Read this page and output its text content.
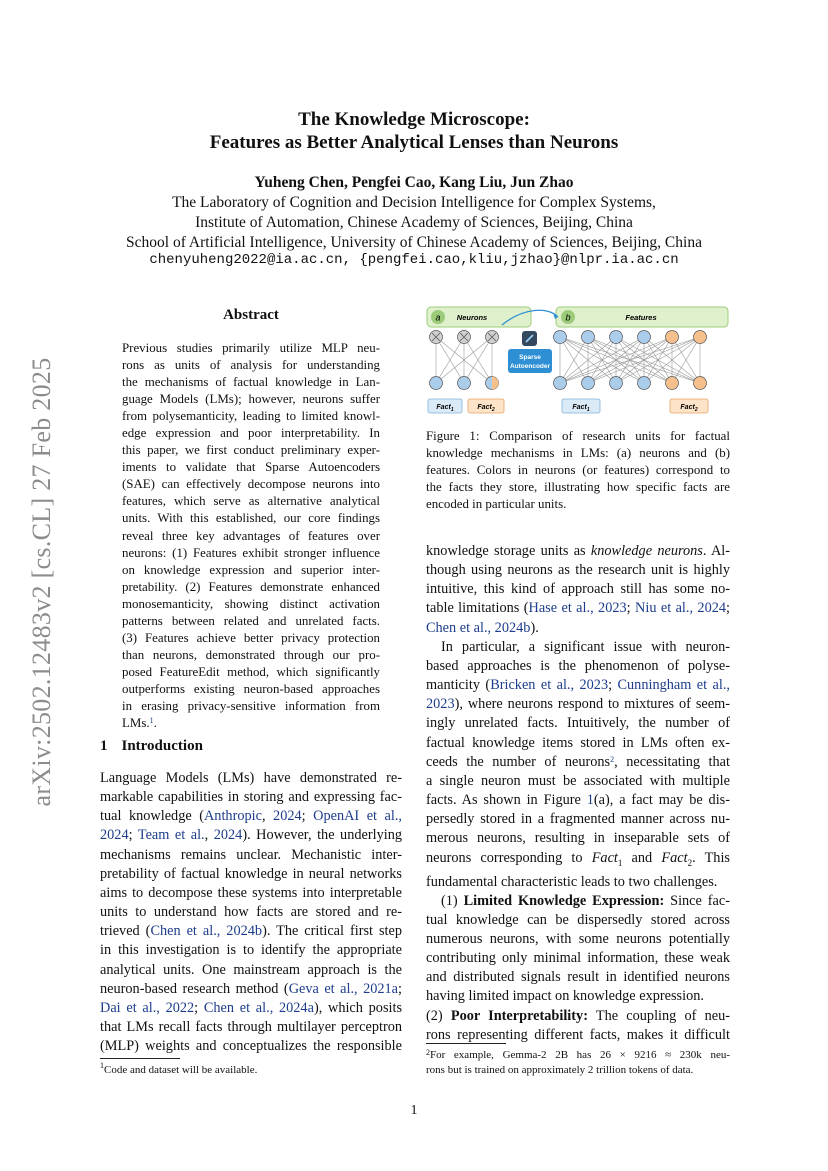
The Knowledge Microscope:
Features as Better Analytical Lenses than Neurons
Yuheng Chen, Pengfei Cao, Kang Liu, Jun Zhao
The Laboratory of Cognition and Decision Intelligence for Complex Systems,
Institute of Automation, Chinese Academy of Sciences, Beijing, China
School of Artificial Intelligence, University of Chinese Academy of Sciences, Beijing, China
chenyuheng2022@ia.ac.cn, {pengfei.cao,kliu,jzhao}@nlpr.ia.ac.cn
arXiv:2502.12483v2 [cs.CL] 27 Feb 2025
Abstract
Previous studies primarily utilize MLP neu-
rons as units of analysis for understanding
the mechanisms of factual knowledge in Lan-
guage Models (LMs); however, neurons suffer
from polysemanticity, leading to limited knowl-
edge expression and poor interpretability. In
this paper, we first conduct preliminary exper-
iments to validate that Sparse Autoencoders
(SAE) can effectively decompose neurons into
features, which serve as alternative analytical
units. With this established, our core findings
reveal three key advantages of features over
neurons: (1) Features exhibit stronger influence
on knowledge expression and superior inter-
pretability. (2) Features demonstrate enhanced
monosemanticity, showing distinct activation
patterns between related and unrelated facts.
(3) Features achieve better privacy protection
than neurons, demonstrated through our pro-
posed FeatureEdit method, which significantly
outperforms existing neuron-based approaches
in erasing privacy-sensitive information from
LMs.$^1$.
1 Introduction
Language Models (LMs) have demonstrated re-
markable capabilities in storing and expressing fac-
tual knowledge (Anthropic, 2024; OpenAI et al.,
2024; Team et al., 2024). However, the underlying
mechanisms remains unclear. Mechanistic inter-
pretability of factual knowledge in neural networks
aims to decompose these systems into interpretable
units to understand how facts are stored and re-
trieved (Chen et al., 2024b). The critical first step
in this investigation is to identify the appropriate
analytical units. One mainstream approach is the
neuron-based research method (Geva et al., 2021a;
Dai et al., 2022; Chen et al., 2024a), which posits
that LMs recall facts through multilayer perceptron
(MLP) weights and conceptualizes the responsible
$^1$Code and dataset will be available.
a Neurons	b	Features
Sparse
Autoencoder
Fact$_1$	Fact$_2$	Fact$_1$	Fact$_2$
Figure 1: Comparison of research units for factual
knowledge mechanisms in LMs: (a) neurons and (b)
features. Colors in neurons (or features) correspond to
the facts they store, illustrating how specific facts are
encoded in particular units.
knowledge storage units as knowledge neurons. Al-
though using neurons as the research unit is highly
intuitive, this kind of approach still has some no-
table limitations (Hase et al., 2023; Niu et al., 2024;
Chen et al., 2024b).
In particular, a significant issue with neuron-
based approaches is the phenomenon of polyse-
manticity (Bricken et al., 2023; Cunningham et al.,
2023), where neurons respond to mixtures of seem-
ingly unrelated facts. Intuitively, the number of
factual knowledge items stored in LMs often ex-
ceeds the number of neurons$^2$, necessitating that
a single neuron must be associated with multiple
facts. As shown in Figure 1(a), a fact may be dis-
persedly stored in a fragmented manner across nu-
merous neurons, resulting in inseparable sets of
neurons corresponding to Fact$_1$ and Fact$_2$. This
fundamental characteristic leads to two challenges.
(1) Limited Knowledge Expression: Since fac-
tual knowledge can be dispersedly stored across
numerous neurons, with some neurons potentially
contributing only minimal information, these weak
and distributed signals result in identified neurons
having limited impact on knowledge expression.
(2) Poor Interpretability: The coupling of neu-
rons representing different facts, makes it difficult
$^2$For example, Gemma-2 2B has 26 × 9216 ≈ 230k neu-
rons but is trained on approximately 2 trillion tokens of data.
1
